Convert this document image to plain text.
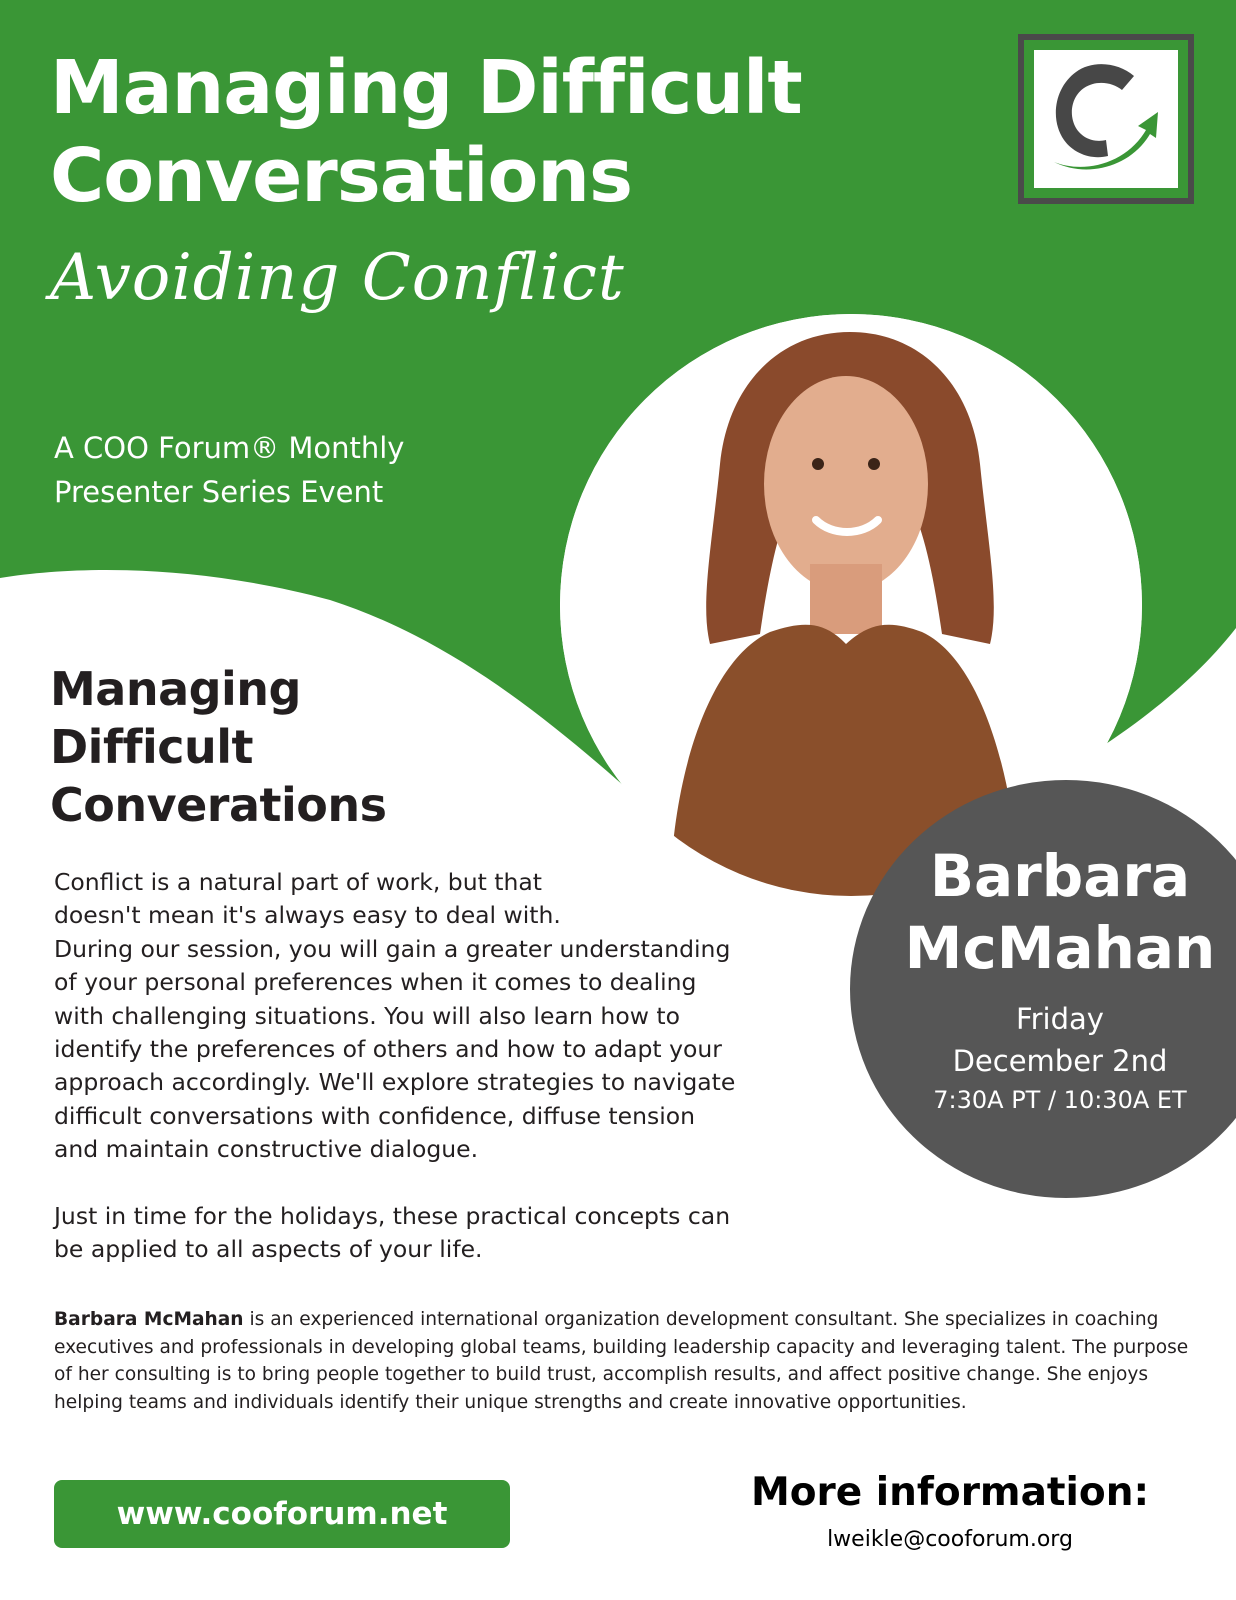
Managing Difficult
Conversations
Avoiding Conflict
A COO Forum® Monthly
Presenter Series Event
Barbara
McMahan
Friday
December 2nd
7:30A PT / 10:30A ET
Managing
Difficult
Converations
Conflict is a natural part of work, but that
doesn't mean it's always easy to deal with.
During our session, you will gain a greater understanding
of your personal preferences when it comes to dealing
with challenging situations. You will also learn how to
identify the preferences of others and how to adapt your
approach accordingly. We'll explore strategies to navigate
difficult conversations with confidence, diffuse tension
and maintain constructive dialogue.

Just in time for the holidays, these practical concepts can
be applied to all aspects of your life.

Barbara McMahan is an experienced international organization development consultant. She specializes in coaching executives and professionals in developing global teams, building leadership capacity and leveraging talent. The purpose of her consulting is to bring people together to build trust, accomplish results, and affect positive change. She enjoys helping teams and individuals identify their unique strengths and create innovative opportunities.

www.cooforum.net	More information:
lweikle@cooforum.org
